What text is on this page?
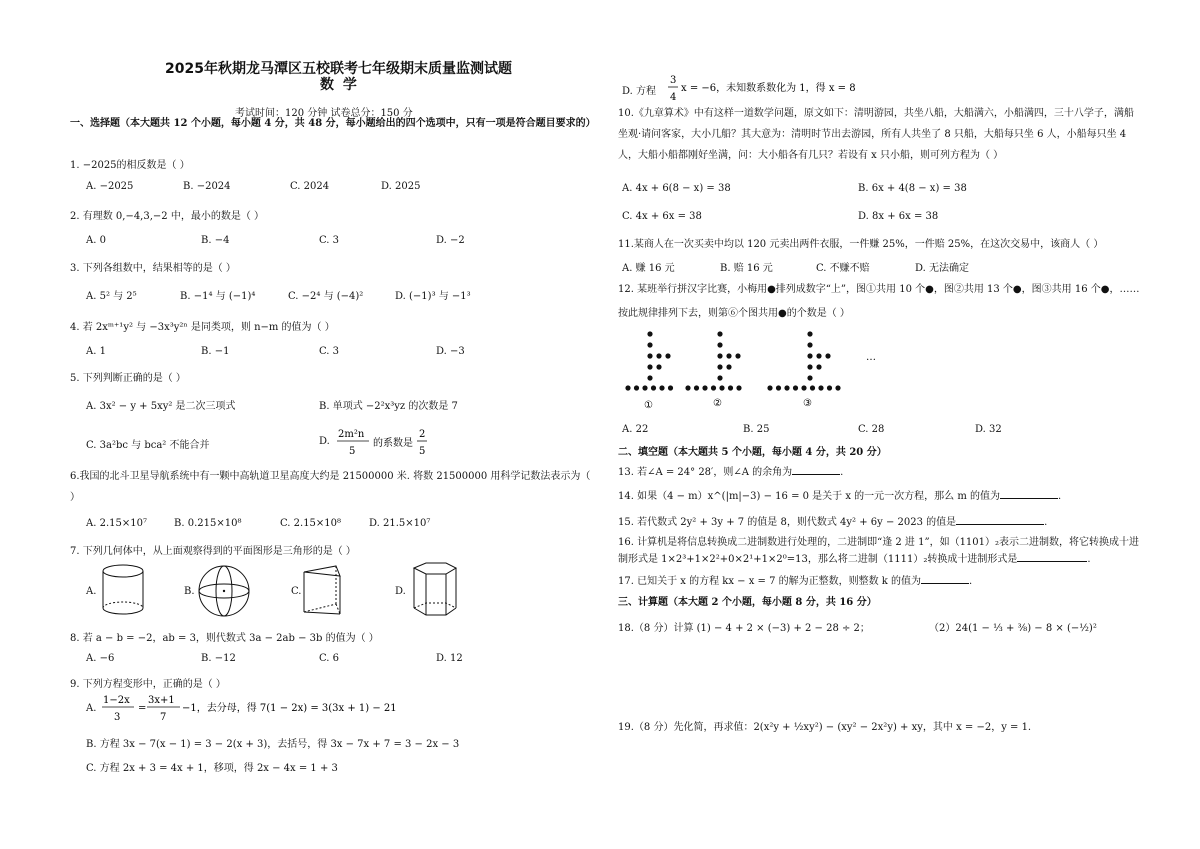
2025年秋期龙马潭区五校联考七年级期末质量监测试题
数 学
考试时间：120 分钟 试卷总分：150 分
一、选择题（本大题共 12 个小题，每小题 4 分，共 48 分，每小题给出的四个选项中，只有一项是符合题目要求的）
1. −2025的相反数是（ ）
A. −2025	B. −2024	C. 2024	D. 2025
2. 有理数 0,−4,3,−2 中，最小的数是（ ）
A. 0	B. −4	C. 3	D. −2
3. 下列各组数中，结果相等的是（ ）
A. 5² 与 2⁵	B. −1⁴ 与 (−1)⁴	C. −2⁴ 与 (−4)²	D. (−1)³ 与 −1³
4. 若 2xᵐ⁺¹y² 与 −3x³y²ⁿ 是同类项，则 n−m 的值为（ ）
A. 1	B. −1	C. 3	D. −3
5. 下列判断正确的是（ ）
A. 3x² − y + 5xy² 是二次三项式	B. 单项式 −2²x³yz 的次数是 7
C. 3a²bc 与 bca² 不能合并	D.
2m²n
5
的系数是
2
5
6.我国的北斗卫星导航系统中有一颗中高轨道卫星高度大约是 21500000 米. 将数 21500000 用科学记数法表示为（ ）
A. 2.15×10⁷	B. 0.215×10⁸	C. 2.15×10⁸	D. 21.5×10⁷
7. 下列几何体中，从上面观察得到的平面图形是三角形的是（ ）
A.	B.	C.	D.
8. 若 a − b = −2，ab = 3，则代数式 3a − 2ab − 3b 的值为（ ）
A. −6	B. −12	C. 6	D. 12
9. 下列方程变形中，正确的是（ ）
A.
1−2x
3
=
3x+1
7
−1，去分母，得 7(1 − 2x) = 3(3x + 1) − 21
B. 方程 3x − 7(x − 1) = 3 − 2(x + 3)，去括号，得 3x − 7x + 7 = 3 − 2x − 3
C. 方程 2x + 3 = 4x + 1，移项，得 2x − 4x = 1 + 3
D. 方程
3
4
x = −6，未知数系数化为 1，得 x = 8
10.《九章算术》中有这样一道数学问题，原文如下：清明游园，共坐八船，大船满六，小船满四，三十八学子，满船坐观·请问客家，大小几船？其大意为：清明时节出去游园，所有人共坐了 8 只船，大船每只坐 6 人，小船每只坐 4 人，大船小船都刚好坐满，问：大小船各有几只？若设有 x 只小船，则可列方程为（ ）
A. 4x + 6(8 − x) = 38	B. 6x + 4(8 − x) = 38
C. 4x + 6x = 38	D. 8x + 6x = 38
11.某商人在一次买卖中均以 120 元卖出两件衣服，一件赚 25%，一件赔 25%，在这次交易中，该商人（ ）
A. 赚 16 元	B. 赔 16 元	C. 不赚不赔	D. 无法确定
12. 某班举行拼汉字比赛，小梅用●排列成数字“上”，图①共用 10 个●，图②共用 13 个●，图③共用 16 个●，……按此规律排列下去，则第⑥个图共用●的个数是（ ）
①	②	③
…
A. 22	B. 25	C. 28	D. 32
二、填空题（本大题共 5 个小题，每小题 4 分，共 20 分）
13. 若∠A = 24° 28′，则∠A 的余角为	.
14. 如果（4 − m）x^(|m|−3) − 16 = 0 是关于 x 的一元一次方程，那么 m 的值为	.
15. 若代数式 2y² + 3y + 7 的值是 8，则代数式 4y² + 6y − 2023 的值是	.
16. 计算机是将信息转换成二进制数进行处理的，二进制即“逢 2 进 1”，如（1101）₂表示二进制数，将它转换成十进制形式是 1×2³+1×2²+0×2¹+1×2⁰=13，那么将二进制（1111）₂转换成十进制形式是	.
17. 已知关于 x 的方程 kx − x = 7 的解为正整数，则整数 k 的值为	.
三、计算题（本大题 2 个小题，每小题 8 分，共 16 分）
18.（8 分）计算 (1) − 4 + 2 × (−3) + 2 − 28 ÷ 2；	（2）24(1 − ⅓ + ⅜) − 8 × (−½)²
19.（8 分）先化简，再求值：2(x²y + ½xy²) − (xy² − 2x²y) + xy，其中 x = −2，y = 1.
